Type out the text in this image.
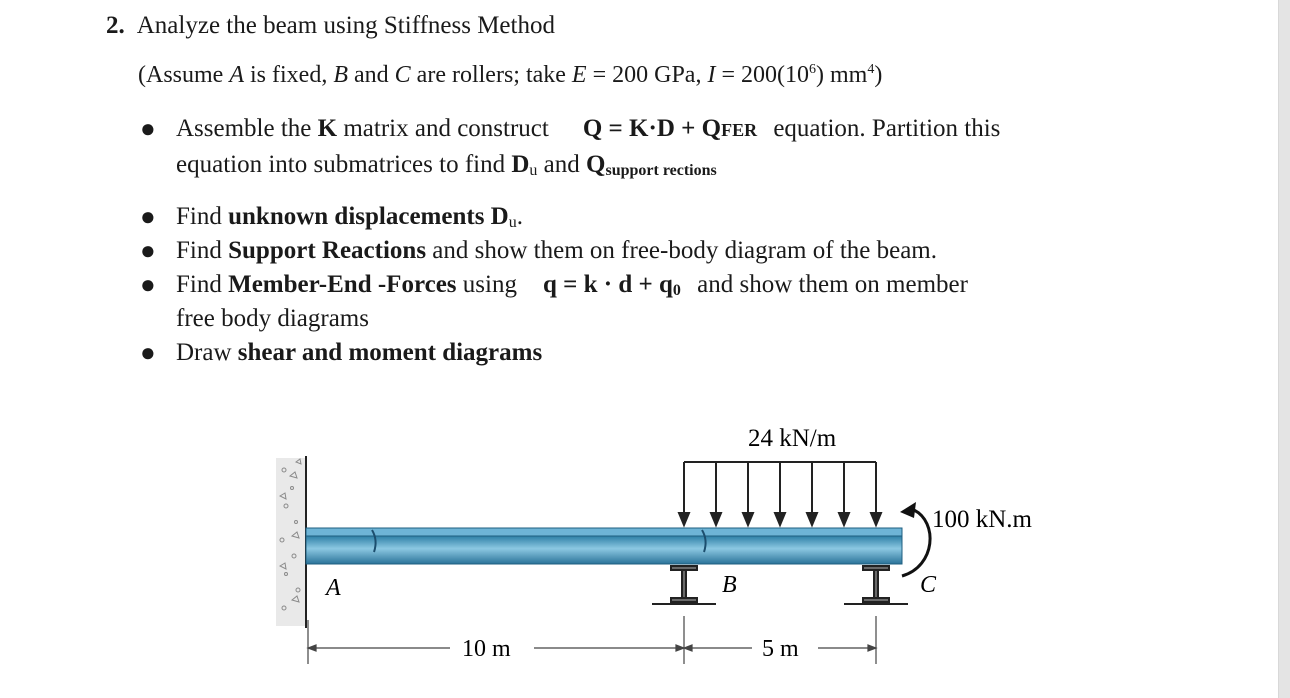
2. Analyze the beam using Stiffness Method
(Assume A is fixed, B and C are rollers; take E = 200 GPa, $I = 200(10^6)$ $mm^4$)
● Assemble the K matrix and construct Q = K·D + QFER equation. Partition this
equation into submatrices to find $D_u$ and $Q_{support rections}$
● Find unknown displacements $D_u$.
● Find Support Reactions and show them on free-body diagram of the beam.
● Find Member-End -Forces using $q = k \cdot d + q_0$ and show them on member
free body diagrams
● Draw shear and moment diagrams
24 kN/m
100 kN.m
A	B	C
10 m	5 m
